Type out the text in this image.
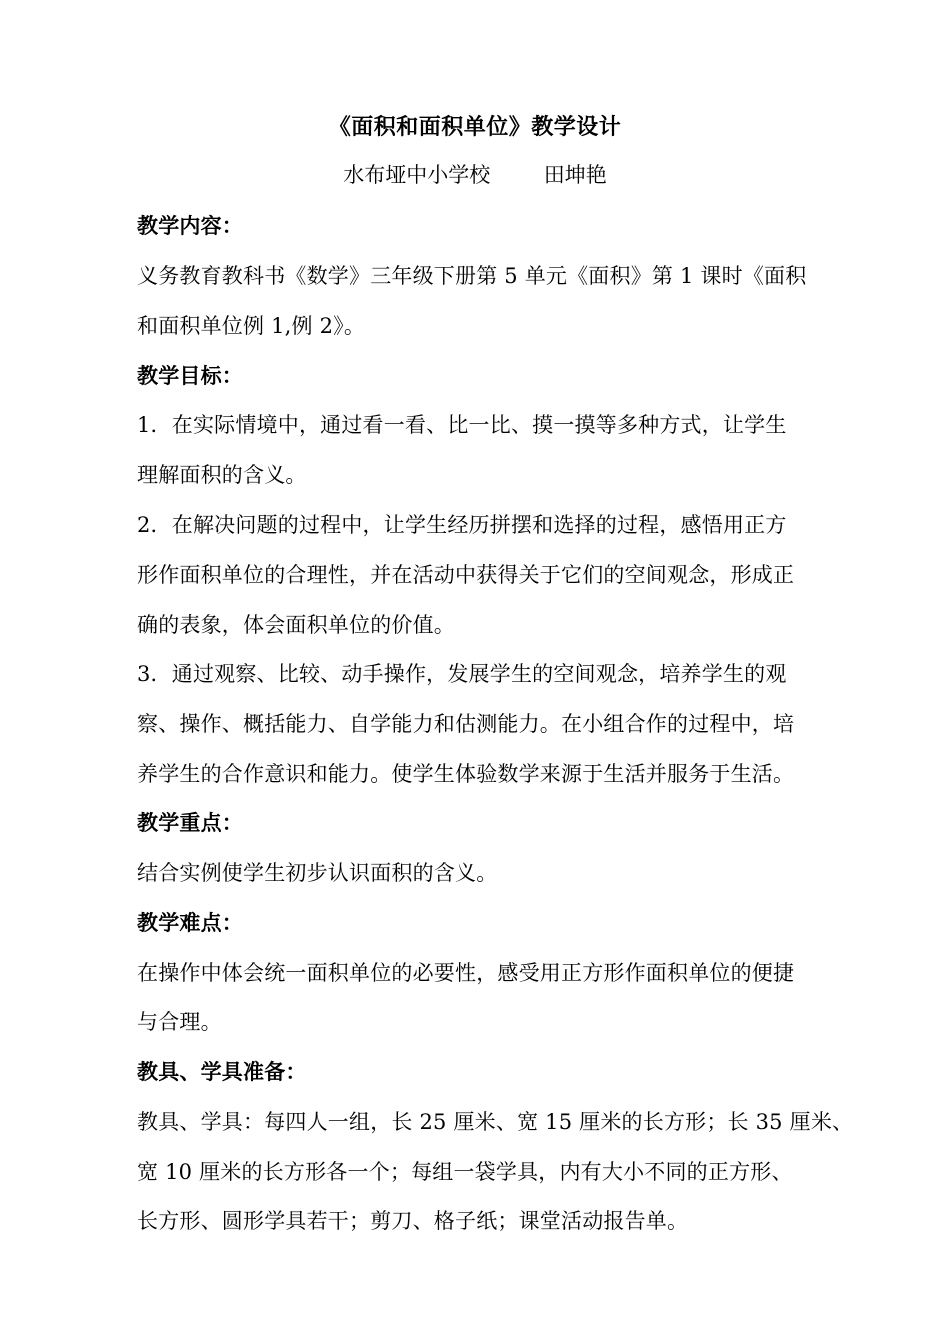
《面积和面积单位》教学设计
水布垭中小学校        田坤艳
教学内容：
义务教育教科书《数学》三年级下册第 5 单元《面积》第 1 课时《面积
和面积单位例 1,例 2》。
教学目标：
1．在实际情境中，通过看一看、比一比、摸一摸等多种方式，让学生
理解面积的含义。
2．在解决问题的过程中，让学生经历拼摆和选择的过程，感悟用正方
形作面积单位的合理性，并在活动中获得关于它们的空间观念，形成正
确的表象，体会面积单位的价值。
3．通过观察、比较、动手操作，发展学生的空间观念，培养学生的观
察、操作、概括能力、自学能力和估测能力。在小组合作的过程中，培
养学生的合作意识和能力。使学生体验数学来源于生活并服务于生活。
教学重点：
结合实例使学生初步认识面积的含义。
教学难点：
在操作中体会统一面积单位的必要性，感受用正方形作面积单位的便捷
与合理。
教具、学具准备：
教具、学具：每四人一组，长 25 厘米、宽 15 厘米的长方形；长 35 厘米、
宽 10 厘米的长方形各一个；每组一袋学具，内有大小不同的正方形、
长方形、圆形学具若干；剪刀、格子纸；课堂活动报告单。
